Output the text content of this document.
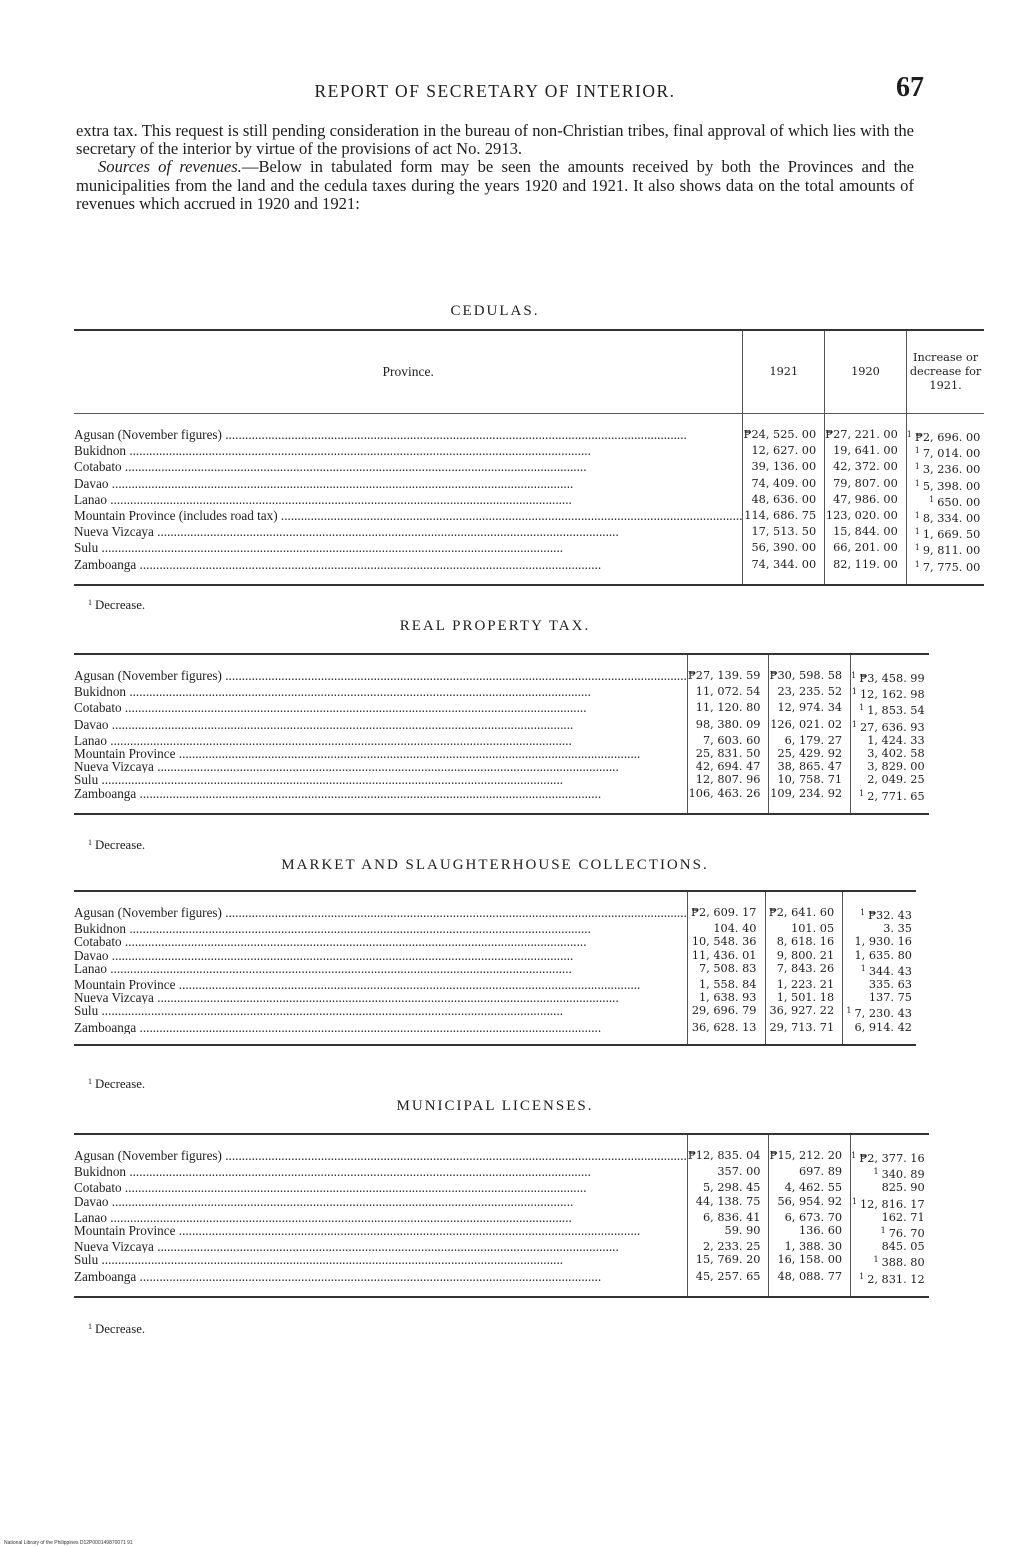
REPORT OF SECRETARY OF INTERIOR.	67

extra tax. This request is still pending consideration in the bureau of non-Christian tribes, final approval of which lies with the secretary of the interior by virtue of the provisions of act No. 2913.

Sources of revenues.—Below in tabulated form may be seen the amounts received by both the Provinces and the municipalities from the land and the cedula taxes during the years 1920 and 1921. It also shows data on the total amounts of revenues which accrued in 1920 and 1921:

CEDULAS.
Province.	1921	1920	Increase or decrease for 1921.

Agusan (November figures) ............................................................................................................................................	₱24, 525. 00	₱27, 221. 00	$^1$ ₱2, 696. 00
Bukidnon ............................................................................................................................................	12, 627. 00	19, 641. 00	$^1$ 7, 014. 00
Cotabato ............................................................................................................................................	39, 136. 00	42, 372. 00	$^1$ 3, 236. 00
Davao ............................................................................................................................................	74, 409. 00	79, 807. 00	$^1$ 5, 398. 00
Lanao ............................................................................................................................................	48, 636. 00	47, 986. 00	$^1$ 650. 00
Mountain Province (includes road tax) ............................................................................................................................................	114, 686. 75	123, 020. 00	$^1$ 8, 334. 00
Nueva Vizcaya ............................................................................................................................................	17, 513. 50	15, 844. 00	$^1$ 1, 669. 50
Sulu ............................................................................................................................................	56, 390. 00	66, 201. 00	$^1$ 9, 811. 00
Zamboanga ............................................................................................................................................	74, 344. 00	82, 119. 00	$^1$ 7, 775. 00

$^1$ Decrease.
REAL PROPERTY TAX.

Agusan (November figures) ............................................................................................................................................	₱27, 139. 59	₱30, 598. 58	$^1$ ₱3, 458. 99
Bukidnon ............................................................................................................................................	11, 072. 54	23, 235. 52	$^1$ 12, 162. 98
Cotabato ............................................................................................................................................	11, 120. 80	12, 974. 34	$^1$ 1, 853. 54
Davao ............................................................................................................................................	98, 380. 09	126, 021. 02	$^1$ 27, 636. 93
Lanao ............................................................................................................................................	7, 603. 60	6, 179. 27	1, 424. 33
Mountain Province ............................................................................................................................................	25, 831. 50	25, 429. 92	3, 402. 58
Nueva Vizcaya ............................................................................................................................................	42, 694. 47	38, 865. 47	3, 829. 00
Sulu ............................................................................................................................................	12, 807. 96	10, 758. 71	2, 049. 25
Zamboanga ............................................................................................................................................	106, 463. 26	109, 234. 92	$^1$ 2, 771. 65

$^1$ Decrease.
MARKET AND SLAUGHTERHOUSE COLLECTIONS.

Agusan (November figures) ............................................................................................................................................	₱2, 609. 17	₱2, 641. 60	$^1$ ₱32. 43
Bukidnon ............................................................................................................................................	104. 40	101. 05	3. 35
Cotabato ............................................................................................................................................	10, 548. 36	8, 618. 16	1, 930. 16
Davao ............................................................................................................................................	11, 436. 01	9, 800. 21	1, 635. 80
Lanao ............................................................................................................................................	7, 508. 83	7, 843. 26	$^1$ 344. 43
Mountain Province ............................................................................................................................................	1, 558. 84	1, 223. 21	335. 63
Nueva Vizcaya ............................................................................................................................................	1, 638. 93	1, 501. 18	137. 75
Sulu ............................................................................................................................................	29, 696. 79	36, 927. 22	$^1$ 7, 230. 43
Zamboanga ............................................................................................................................................	36, 628. 13	29, 713. 71	6, 914. 42

$^1$ Decrease.
MUNICIPAL LICENSES.

Agusan (November figures) ............................................................................................................................................	₱12, 835. 04	₱15, 212. 20	$^1$ ₱2, 377. 16
Bukidnon ............................................................................................................................................	357. 00	697. 89	$^1$ 340. 89
Cotabato ............................................................................................................................................	5, 298. 45	4, 462. 55	825. 90
Davao ............................................................................................................................................	44, 138. 75	56, 954. 92	$^1$ 12, 816. 17
Lanao ............................................................................................................................................	6, 836. 41	6, 673. 70	162. 71
Mountain Province ............................................................................................................................................	59. 90	136. 60	$^1$ 76. 70
Nueva Vizcaya ............................................................................................................................................	2, 233. 25	1, 388. 30	845. 05
Sulu ............................................................................................................................................	15, 769. 20	16, 158. 00	$^1$ 388. 80
Zamboanga ............................................................................................................................................	45, 257. 65	48, 088. 77	$^1$ 2, 831. 12

$^1$ Decrease.
National Library of the Philippines D12P000149870071 91
